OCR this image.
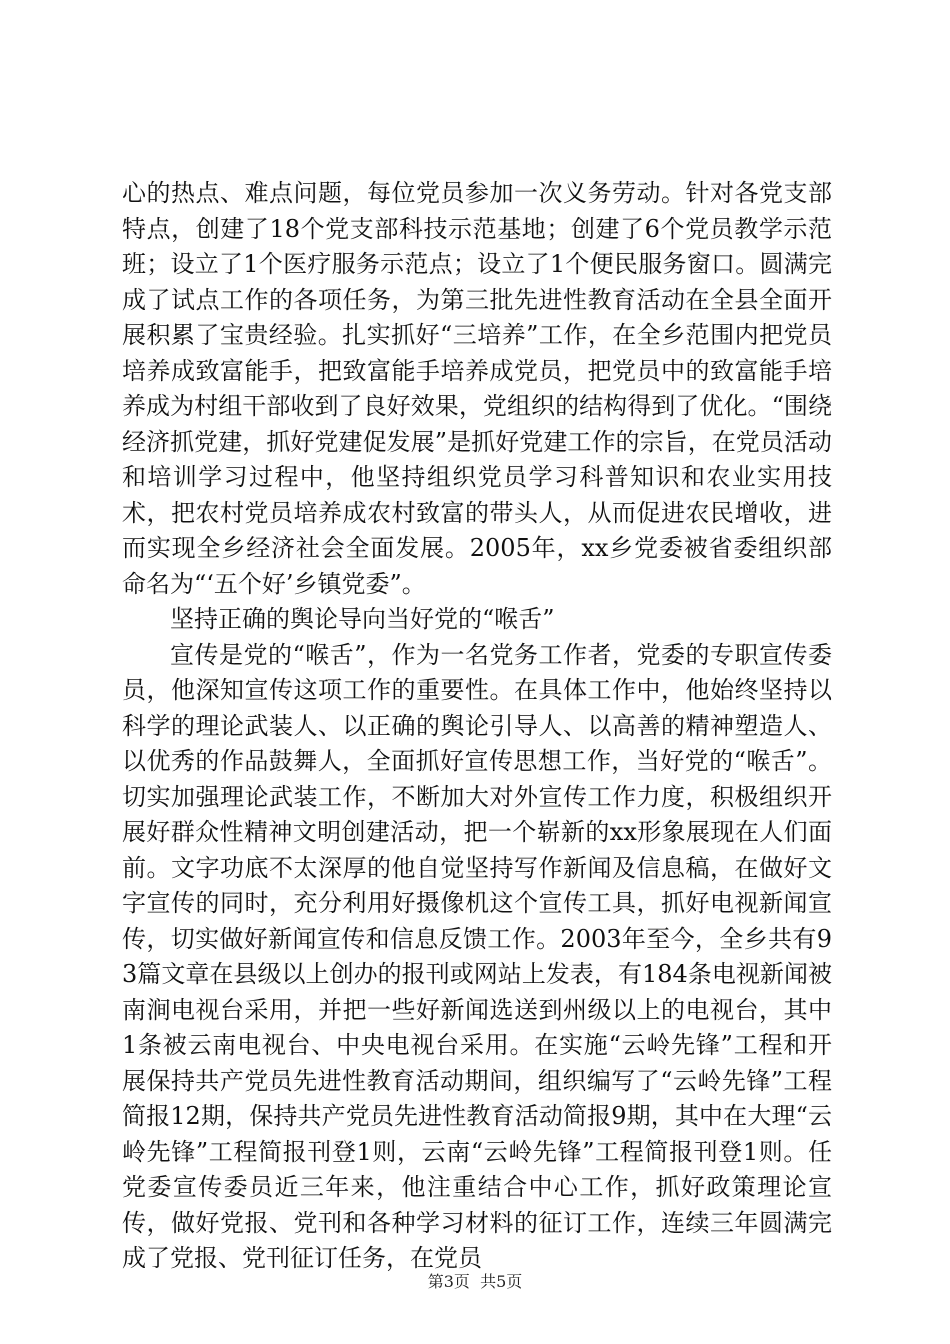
心的热点、难点问题，每位党员参加一次义务劳动。针对各党支部特点，创建了18个党支部科技示范基地；创建了6个党员教学示范班；设立了1个医疗服务示范点；设立了1个便民服务窗口。圆满完成了试点工作的各项任务，为第三批先进性教育活动在全县全面开展积累了宝贵经验。扎实抓好“三培养”工作，在全乡范围内把党员培养成致富能手，把致富能手培养成党员，把党员中的致富能手培养成为村组干部收到了良好效果，党组织的结构得到了优化。“围绕经济抓党建，抓好党建促发展”是抓好党建工作的宗旨，在党员活动和培训学习过程中，他坚持组织党员学习科普知识和农业实用技术，把农村党员培养成农村致富的带头人，从而促进农民增收，进而实现全乡经济社会全面发展。2005年，xx乡党委被省委组织部命名为“‘五个好’乡镇党委”。

坚持正确的舆论导向当好党的“喉舌”

宣传是党的“喉舌”，作为一名党务工作者，党委的专职宣传委员，他深知宣传这项工作的重要性。在具体工作中，他始终坚持以科学的理论武装人、以正确的舆论引导人、以高善的精神塑造人、以优秀的作品鼓舞人，全面抓好宣传思想工作，当好党的“喉舌”。切实加强理论武装工作，不断加大对外宣传工作力度，积极组织开展好群众性精神文明创建活动，把一个崭新的xx形象展现在人们面前。文字功底不太深厚的他自觉坚持写作新闻及信息稿，在做好文字宣传的同时，充分利用好摄像机这个宣传工具，抓好电视新闻宣传，切实做好新闻宣传和信息反馈工作。2003年至今，全乡共有93篇文章在县级以上创办的报刊或网站上发表，有184条电视新闻被南涧电视台采用，并把一些好新闻选送到州级以上的电视台，其中1条被云南电视台、中央电视台采用。在实施“云岭先锋”工程和开展保持共产党员先进性教育活动期间，组织编写了“云岭先锋”工程简报12期，保持共产党员先进性教育活动简报9期，其中在大理“云岭先锋”工程简报刊登1则，云南“云岭先锋”工程简报刊登1则。任党委宣传委员近三年来，他注重结合中心工作，抓好政策理论宣传，做好党报、党刊和各种学习材料的征订工作，连续三年圆满完成了党报、党刊征订任务，在党员

第3页  共5页
